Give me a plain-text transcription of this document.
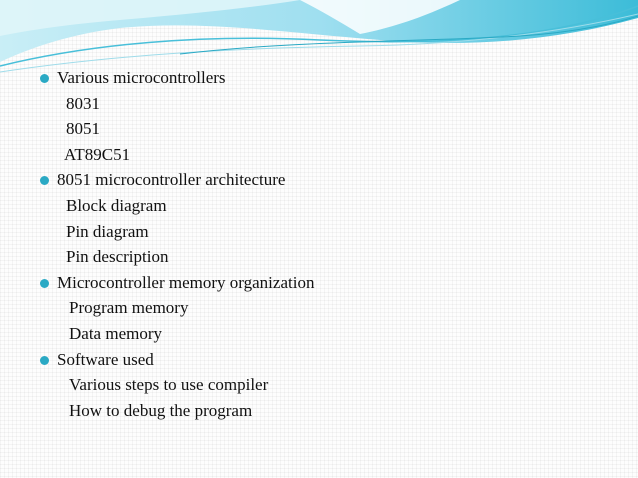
Various microcontrollers
8031
8051
AT89C51
8051 microcontroller architecture
Block diagram
Pin diagram
Pin description
Microcontroller memory organization
Program memory
Data memory
Software used
Various steps to use compiler
How to debug the program
